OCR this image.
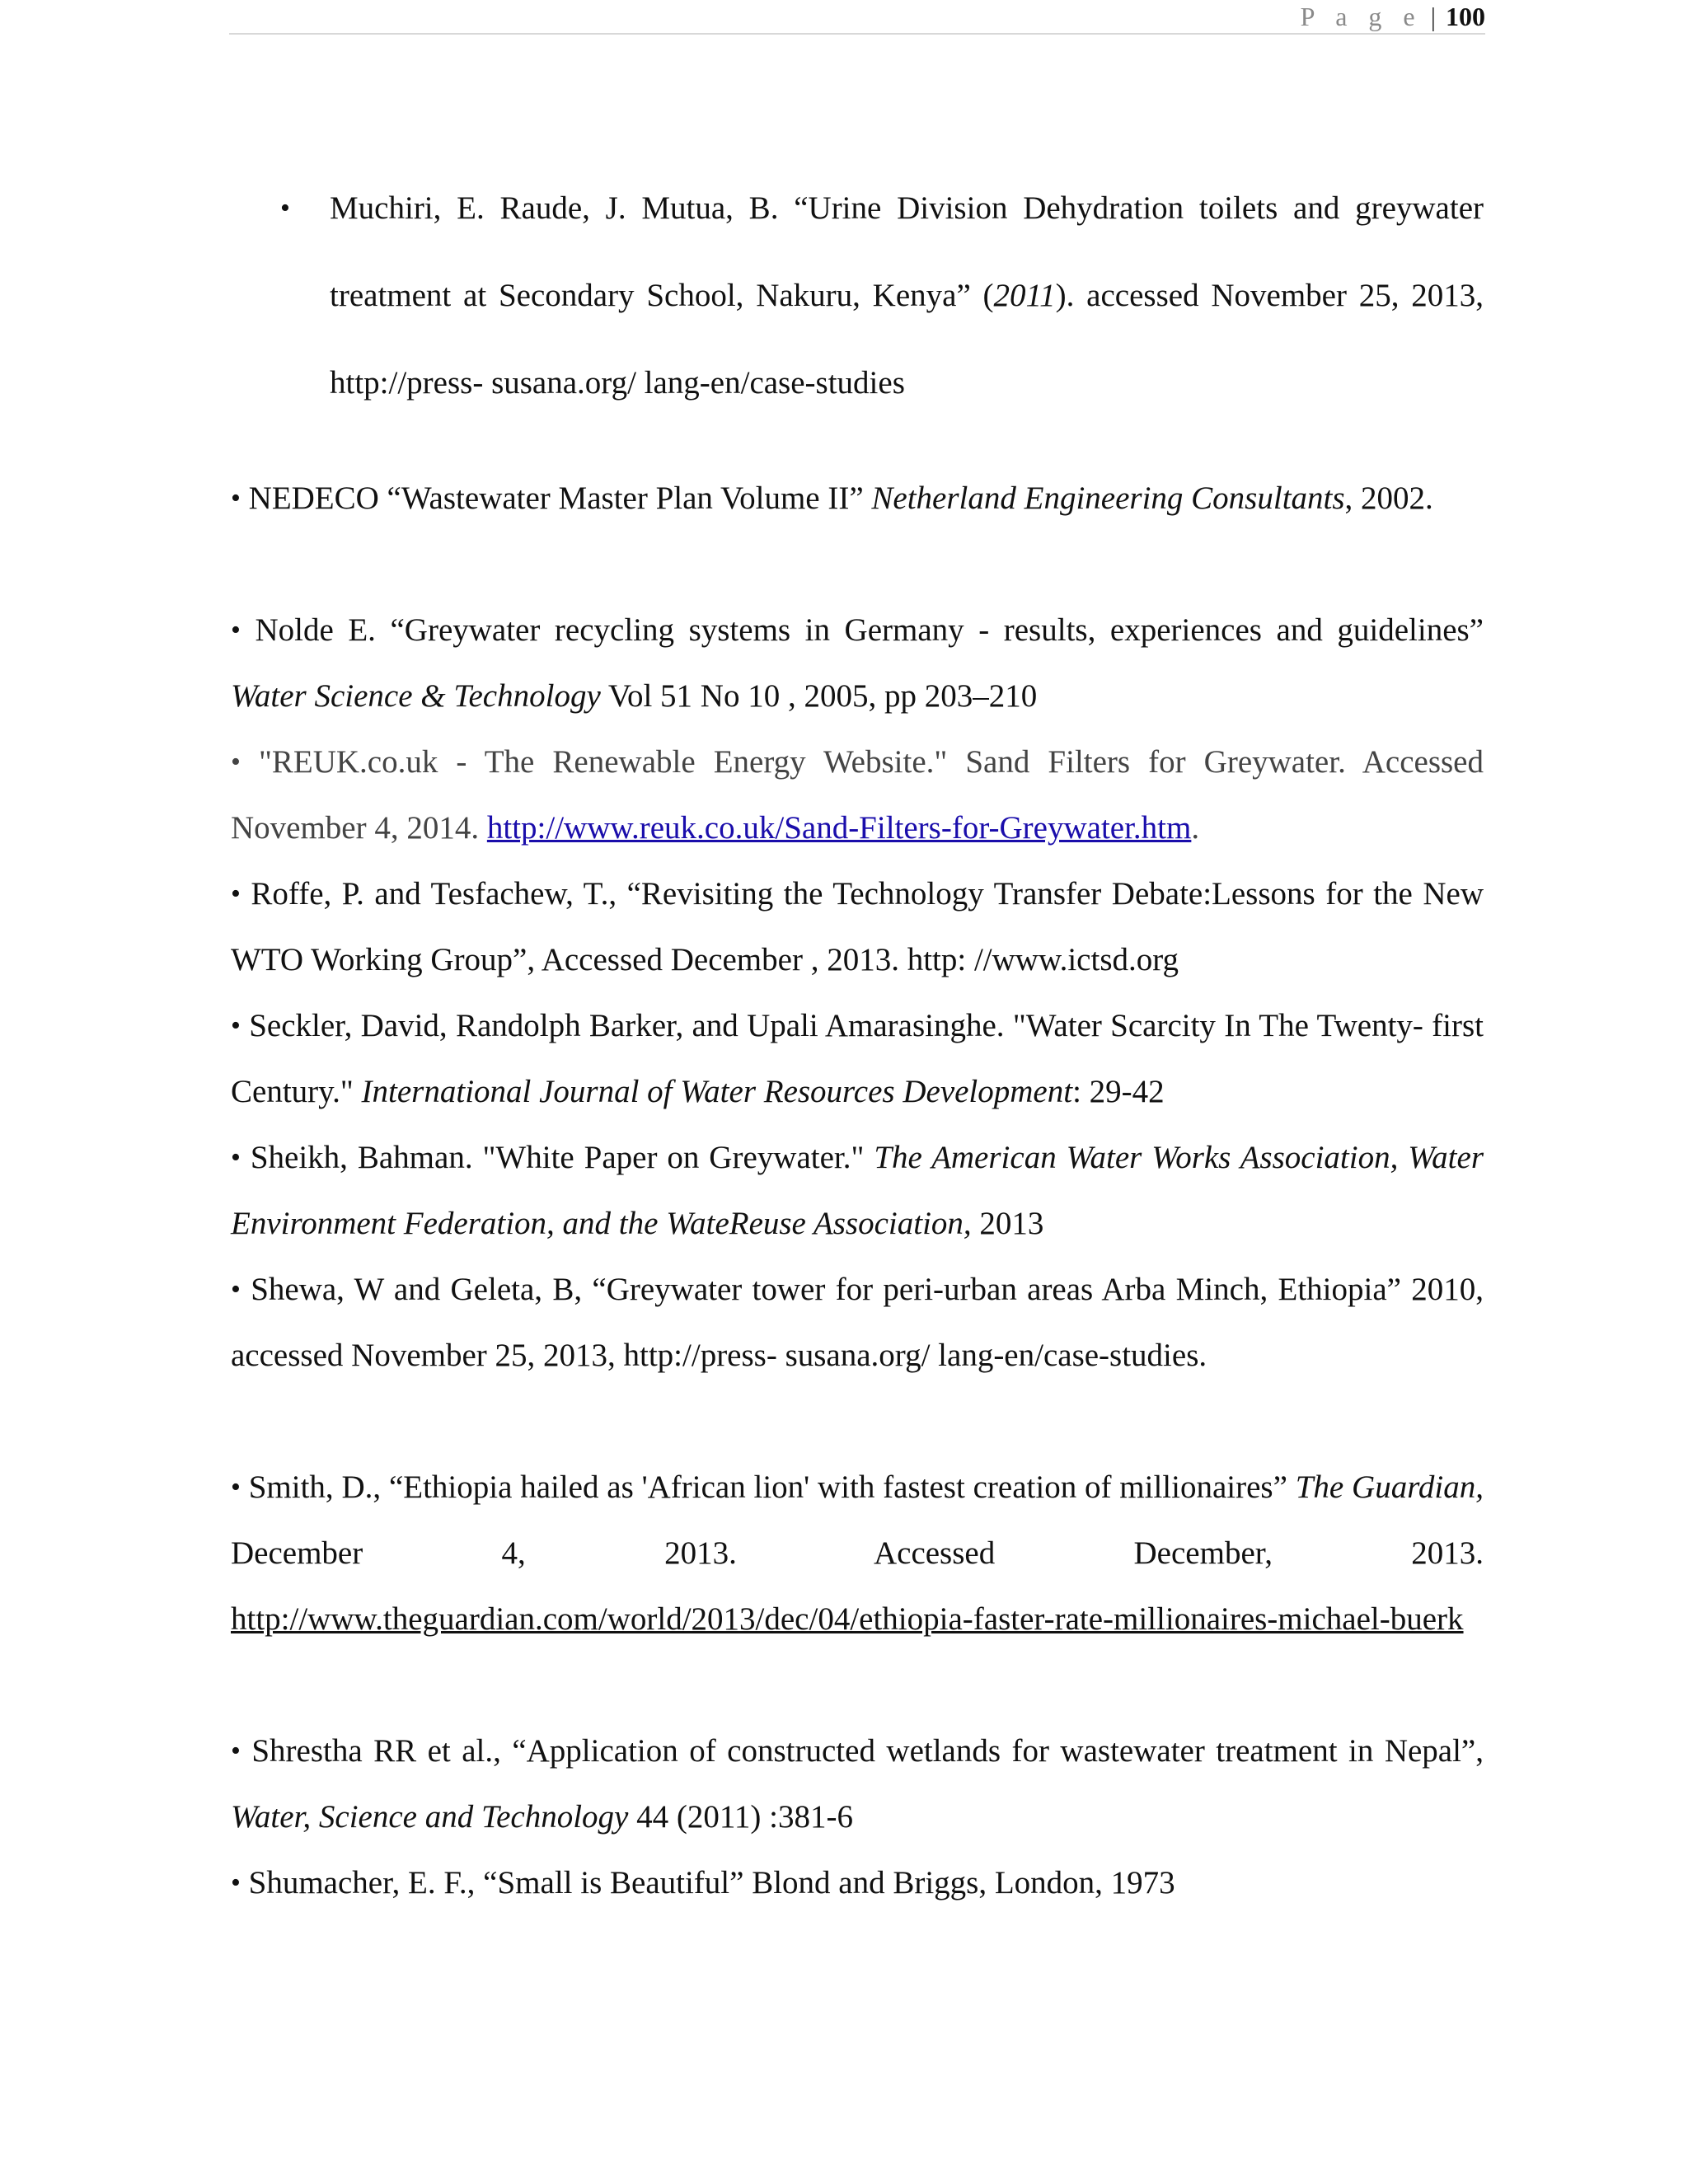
P a g e | 100
• Muchiri, E. Raude, J. Mutua, B. “Urine Division Dehydration toilets and greywater treatment at Secondary School, Nakuru, Kenya” (2011). accessed November 25, 2013, http://press- susana.org/ lang-en/case-studies
• NEDECO “Wastewater Master Plan Volume II” Netherland Engineering Consultants, 2002.
• Nolde E. “Greywater recycling systems in Germany - results, experiences and guidelines” Water Science & Technology Vol 51 No 10 , 2005, pp 203–210
• "REUK.co.uk - The Renewable Energy Website." Sand Filters for Greywater. Accessed November 4, 2014. http://www.reuk.co.uk/Sand-Filters-for-Greywater.htm.
• Roffe, P. and Tesfachew, T., “Revisiting the Technology Transfer Debate:Lessons for the New WTO Working Group”, Accessed December , 2013. http: //www.ictsd.org
• Seckler, David, Randolph Barker, and Upali Amarasinghe. "Water Scarcity In The Twenty- first Century." International Journal of Water Resources Development: 29-42
• Sheikh, Bahman. "White Paper on Greywater." The American Water Works Association, Water Environment Federation, and the WateReuse Association, 2013
• Shewa, W and Geleta, B, “Greywater tower for peri-urban areas Arba Minch, Ethiopia” 2010, accessed November 25, 2013, http://press- susana.org/ lang-en/case-studies.
• Smith, D., “Ethiopia hailed as 'African lion' with fastest creation of millionaires” The Guardian, December 4, 2013. Accessed December, 2013. http://www.theguardian.com/world/2013/dec/04/ethiopia-faster-rate-millionaires-michael-buerk
• Shrestha RR et al., “Application of constructed wetlands for wastewater treatment in Nepal”, Water, Science and Technology 44 (2011) :381-6
• Shumacher, E. F., “Small is Beautiful” Blond and Briggs, London, 1973
